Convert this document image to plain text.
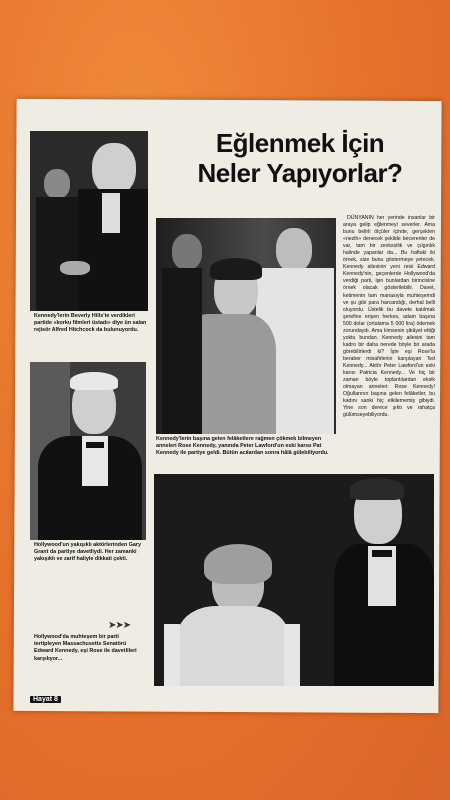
Eğlenmek İçin
Neler Yapıyorlar?
Kennedy'lerin Beverly Hills'te verdikleri partide «korku filmleri üstadı» diye ün salan rejisör Alfred Hitchcock da bulunuyordu.
Kennedy'lerin başına gelen felâketlere rağmen çökmek bilmeyen anneleri Rose Kennedy, yanında Peter Lawford'un eski karısı Pat Kennedy ile partiye geldi. Bütün acılardan sonra hâlâ gülebiliyordu.

DÜNYANIN her yerinde insanlar bir araya gelip eğlenmeyi severler. Ama bunu belirli ölçüler içinde, gerçekten «nezih» denecek şekilde becerenler de var, tam bir zevksizlik ve çılgınlık halinde yapanlar da... Bu haftaki iki örnek, size bunu göstermeye yetecek. Kennedy ailesinin yeni reisi Edward Kennedy'nin, geçenlerde Hollywood'da verdiği parti, işin bunlardan birincisine örnek olacak gösterilebilir. Davet, ketimenin tam manasıyla muhteşemdi ve şu gibi para harcandığı, derhal belli oluyordu. Üstelik bu davete katılmak şerefine erişen herkes, adam başına 500 dolar (ortalama 5 000 lira) ödemek zorundaydı. Ama kimsenin şikâyet ettiği yoktu bundan. Kennedy ailesini tam kadro bir daha nerede böyle bir arada görebilirlerdi ki? İşte eşi Rose'la beraber misafirlerini karşılayan Ted Kennedy... Aktör Peter Lawford'un eski karısı Patricia Kennedy... Ve hiç bir zaman böyle toplantılardan eksik olmayan anneleri: Rose Kennedy! Oğullarının başına gelen felâketler, bu kadını sanki hiç etkilememiş gibiydi. Yine son derece şıktı ve rahatça gülümseyebiliyordu.

Hollywood'un yakışıklı aktörlerinden Gary Grant da partiye davetliydi. Her zamanki yakışıklı ve zarif haliyle dikkati çekti.
➤➤➤
Hollywood'da muhteşem bir parti tertipleyen Massachusetts Senatörü Edward Kennedy, eşi Rose ile davetlileri karşılıyor...
Hayat 8
